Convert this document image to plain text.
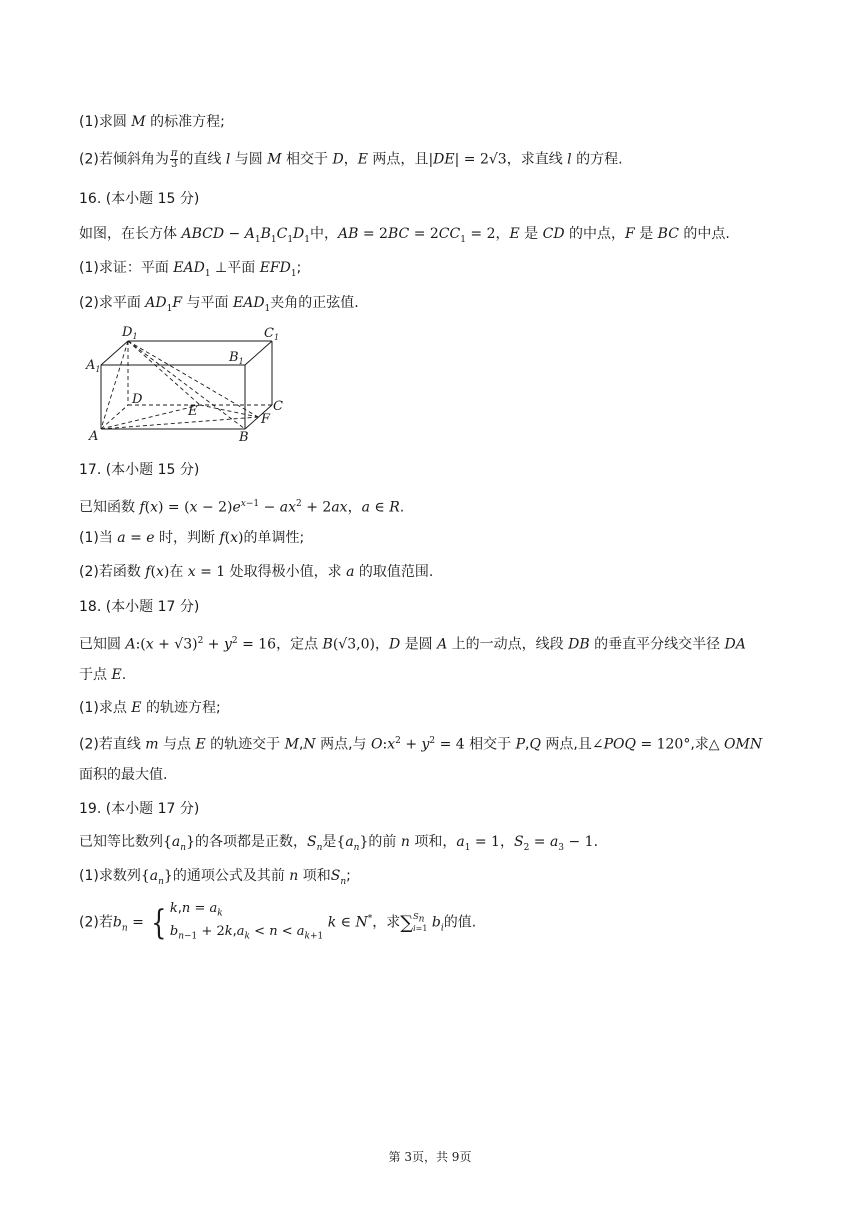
(1)求圆 M 的标准方程;
(2)若倾斜角为 $\frac{\pi}{3}$ 的直线 l 与圆 M 相交于 D，E 两点，且|DE| = 2√3，求直线 l 的方程.
16. (本小题 15 分)
如图，在长方体 ABCD − $A_1B_1C_1D_1$中，AB = $2BC = 2CC_1 = 2$，E 是 CD 的中点，F 是 BC 的中点.
(1)求证：平面 $EAD_1$ ⊥平面 $EFD_1$;
(2)求平面 $AD_1F$ 与平面 $EAD_1$夹角的正弦值.
$D_1$	$C_1$
$A_1$
$B_1$
D
E	C
F
A	B
17. (本小题 15 分)
已知函数 $f(x) = (x - 2)e^{x-1} - ax^2 + 2ax$，a ∈ R.
(1)当 a = e 时，判断 f(x)的单调性;
(2)若函数 f(x)在 x = 1 处取得极小值，求 a 的取值范围.
18. (本小题 17 分)
已知圆 A:(x + $√3)^2 + y^2 = 16$，定点 B(√3,0)，D 是圆 A 上的一动点，线段 DB 的垂直平分线交半径 DA
于点 E.
(1)求点 E 的轨迹方程;
(2)若直线 m 与点 E 的轨迹交于 M,N 两点,与 $O:x^2 + y^2 = 4$ 相交于 P,Q 两点,且∠POQ = 120°,求△ OMN
面积的最大值.
19. (本小题 17 分)
已知等比数列$\{a_n\}$的各项都是正数，$S_n$是$\{a_n\}$的前 n 项和，$a_1 = 1$，$S_2 = a_3 - 1$.
(1)求数列$\{a_n\}$的通项公式及其前 n 项和$S_n$;
(2)若$b_n$ = { $k,n = a_k$
$b_{n-1} + 2k,a_k < n < a_{k+1}$ k ∈ N*，求$\sum S_n$
i=1 $b_i$的值.
第 3页，共 9页
